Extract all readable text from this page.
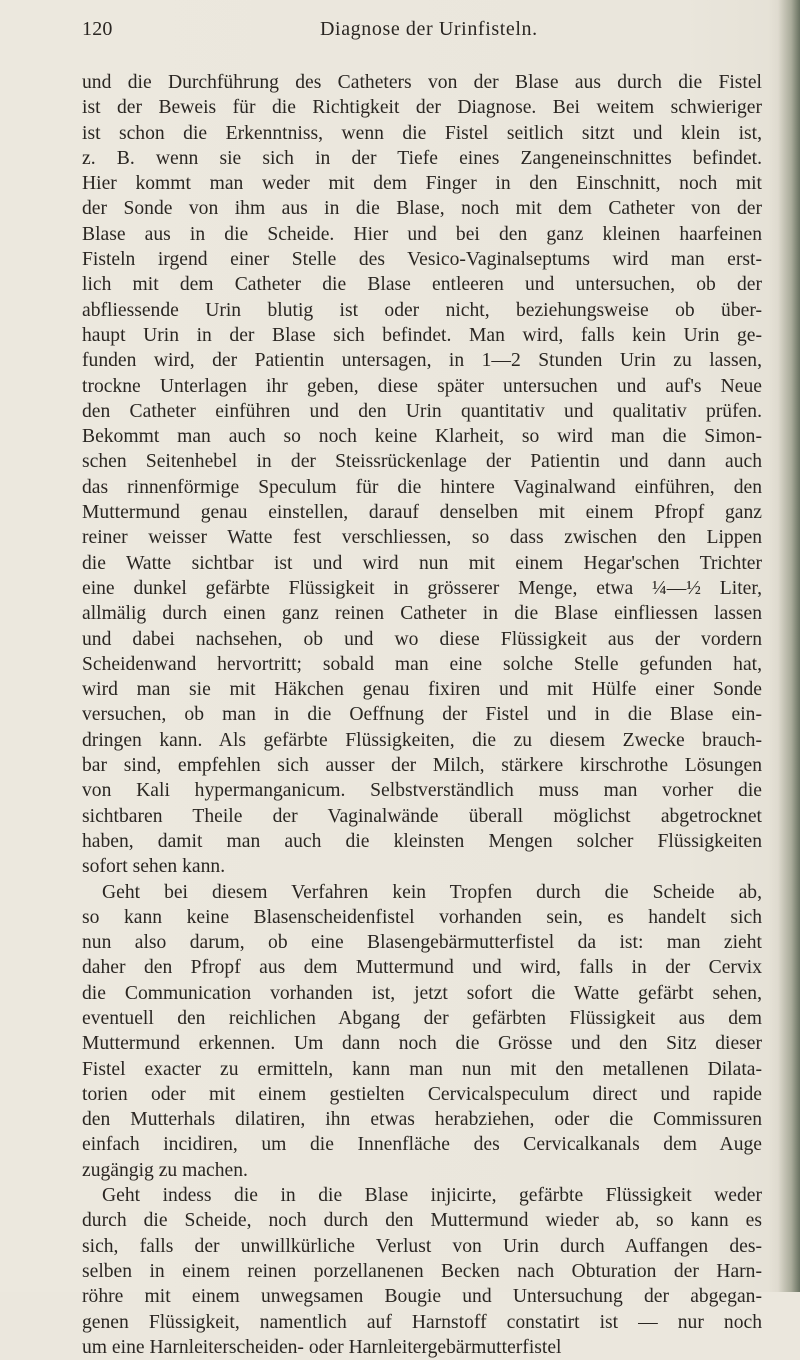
120	Diagnose der Urinfisteln.
und die Durchführung des Catheters von der Blase aus durch die Fistel
ist der Beweis für die Richtigkeit der Diagnose. Bei weitem schwieriger
ist schon die Erkenntniss, wenn die Fistel seitlich sitzt und klein ist,
z. B. wenn sie sich in der Tiefe eines Zangeneinschnittes befindet.
Hier kommt man weder mit dem Finger in den Einschnitt, noch mit
der Sonde von ihm aus in die Blase, noch mit dem Catheter von der
Blase aus in die Scheide. Hier und bei den ganz kleinen haarfeinen
Fisteln irgend einer Stelle des Vesico-Vaginalseptums wird man erst-
lich mit dem Catheter die Blase entleeren und untersuchen, ob der
abfliessende Urin blutig ist oder nicht, beziehungsweise ob über-
haupt Urin in der Blase sich befindet. Man wird, falls kein Urin ge-
funden wird, der Patientin untersagen, in 1—2 Stunden Urin zu lassen,
trockne Unterlagen ihr geben, diese später untersuchen und auf's Neue
den Catheter einführen und den Urin quantitativ und qualitativ prüfen.
Bekommt man auch so noch keine Klarheit, so wird man die Simon-
schen Seitenhebel in der Steissrückenlage der Patientin und dann auch
das rinnenförmige Speculum für die hintere Vaginalwand einführen, den
Muttermund genau einstellen, darauf denselben mit einem Pfropf ganz
reiner weisser Watte fest verschliessen, so dass zwischen den Lippen
die Watte sichtbar ist und wird nun mit einem Hegar'schen Trichter
eine dunkel gefärbte Flüssigkeit in grösserer Menge, etwa ¼—½ Liter,
allmälig durch einen ganz reinen Catheter in die Blase einfliessen lassen
und dabei nachsehen, ob und wo diese Flüssigkeit aus der vordern
Scheidenwand hervortritt; sobald man eine solche Stelle gefunden hat,
wird man sie mit Häkchen genau fixiren und mit Hülfe einer Sonde
versuchen, ob man in die Oeffnung der Fistel und in die Blase ein-
dringen kann. Als gefärbte Flüssigkeiten, die zu diesem Zwecke brauch-
bar sind, empfehlen sich ausser der Milch, stärkere kirschrothe Lösungen
von Kali hypermanganicum. Selbstverständlich muss man vorher die
sichtbaren Theile der Vaginalwände überall möglichst abgetrocknet
haben, damit man auch die kleinsten Mengen solcher Flüssigkeiten
sofort sehen kann.
Geht bei diesem Verfahren kein Tropfen durch die Scheide ab,
so kann keine Blasenscheidenfistel vorhanden sein, es handelt sich
nun also darum, ob eine Blasengebärmutterfistel da ist: man zieht
daher den Pfropf aus dem Muttermund und wird, falls in der Cervix
die Communication vorhanden ist, jetzt sofort die Watte gefärbt sehen,
eventuell den reichlichen Abgang der gefärbten Flüssigkeit aus dem
Muttermund erkennen. Um dann noch die Grösse und den Sitz dieser
Fistel exacter zu ermitteln, kann man nun mit den metallenen Dilata-
torien oder mit einem gestielten Cervicalspeculum direct und rapide
den Mutterhals dilatiren, ihn etwas herabziehen, oder die Commissuren
einfach incidiren, um die Innenfläche des Cervicalkanals dem Auge
zugängig zu machen.
Geht indess die in die Blase injicirte, gefärbte Flüssigkeit weder
durch die Scheide, noch durch den Muttermund wieder ab, so kann es
sich, falls der unwillkürliche Verlust von Urin durch Auffangen des-
selben in einem reinen porzellanenen Becken nach Obturation der Harn-
röhre mit einem unwegsamen Bougie und Untersuchung der abgegan-
genen Flüssigkeit, namentlich auf Harnstoff constatirt ist — nur noch
um eine Harnleiterscheiden- oder Harnleitergebärmutterfistel
